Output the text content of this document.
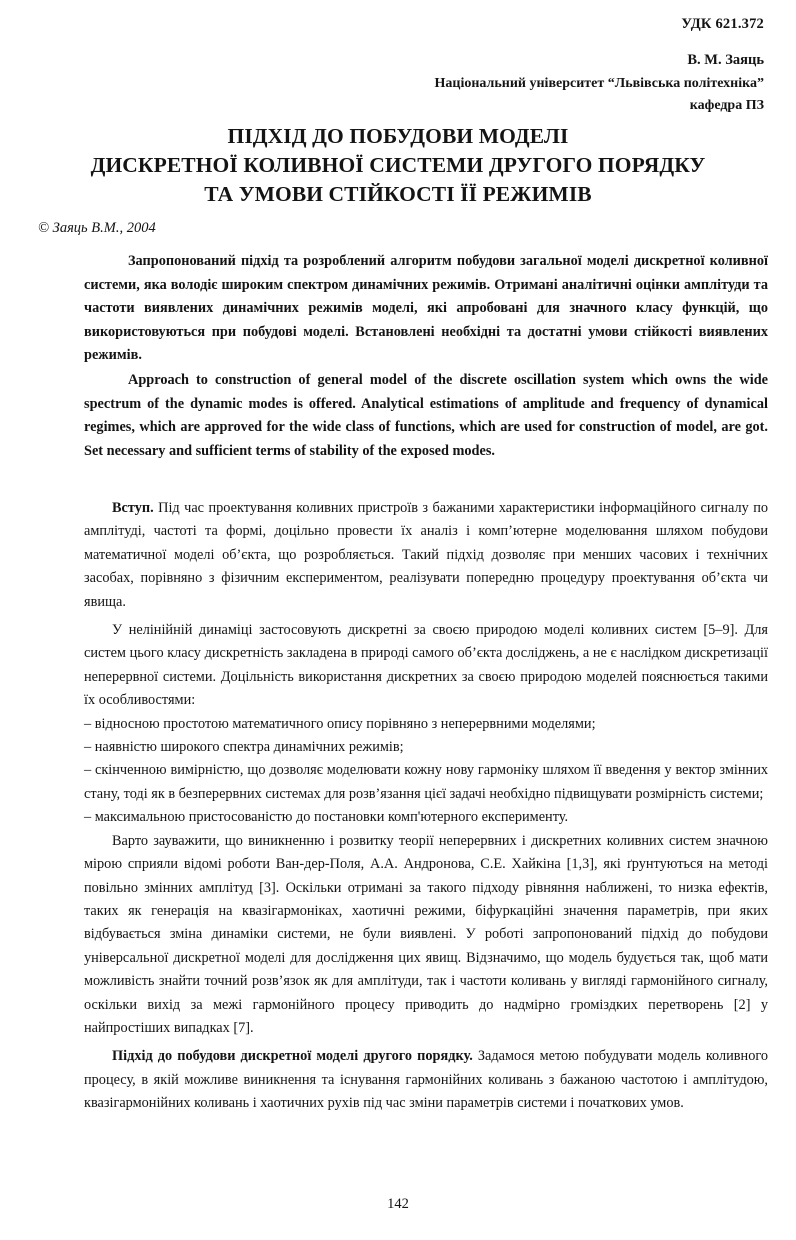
УДК 621.372
В. М. Заяць
Національний університет “Львівська політехніка”
кафедра ПЗ
ПІДХІД ДО ПОБУДОВИ МОДЕЛІ
ДИСКРЕТНОЇ КОЛИВНОЇ СИСТЕМИ ДРУГОГО ПОРЯДКУ
ТА УМОВИ СТІЙКОСТІ ЇЇ РЕЖИМІВ
© Заяць В.М., 2004

Запропонований підхід та розроблений алгоритм побудови загальної моделі дискретної коливної системи, яка володіє широким спектром динамічних режимів. Отримані аналітичні оцінки амплітуди та частоти виявлених динамічних режимів моделі, які апробовані для значного класу функцій, що використовуються при побудові моделі. Встановлені необхідні та достатні умови стійкості виявлених режимів.

Approach to construction of general model of the discrete oscillation system which owns the wide spectrum of the dynamic modes is offered. Analytical estimations of amplitude and frequency of dynamical regimes, which are approved for the wide class of functions, which are used for construction of model, are got. Set necessary and sufficient terms of stability of the exposed modes.

Вступ. Під час проектування коливних пристроїв з бажаними характеристики інформаційного сигналу по амплітуді, частоті та формі, доцільно провести їх аналіз і комп’ютерне моделювання шляхом побудови математичної моделі об’єкта, що розробляється. Такий підхід дозволяє при менших часових і технічних засобах, порівняно з фізичним експериментом, реалізувати попередню процедуру проектування об’єкта чи явища.

У нелінійній динаміці застосовують дискретні за своєю природою моделі коливних систем [5–9]. Для систем цього класу дискретність закладена в природі самого об’єкта досліджень, а не є наслідком дискретизації неперервної системи. Доцільність використання дискретних за своєю природою моделей пояснюється такими їх особливостями:

– відносною простотою математичного опису порівняно з неперервними моделями;

– наявністю широкого спектра динамічних режимів;

– скінченною вимірністю, що дозволяє моделювати кожну нову гармоніку шляхом її введення у вектор змінних стану, тоді як в безперервних системах для розв’язання цієї задачі необхідно підвищувати розмірність системи;

– максимальною пристосованістю до постановки комп'ютерного експерименту.

Варто зауважити, що виникненню і розвитку теорії неперервних і дискретних коливних систем значною мірою сприяли відомі роботи Ван-дер-Поля, А.А. Андронова, С.Е. Хайкіна [1,3], які ґрунтуються на методі повільно змінних амплітуд [3]. Оскільки отримані за такого підходу рівняння наближені, то низка ефектів, таких як генерація на квазігармоніках, хаотичні режими, біфуркаційні значення параметрів, при яких відбувається зміна динаміки системи, не були виявлені. У роботі запропонований підхід до побудови універсальної дискретної моделі для дослідження цих явищ. Відзначимо, що модель будується так, щоб мати можливість знайти точний розв’язок як для амплітуди, так і частоти коливань у вигляді гармонійного сигналу, оскільки вихід за межі гармонійного процесу приводить до надмірно громіздких перетворень [2] у найпростіших випадках [7].

Підхід до побудови дискретної моделі другого порядку. Задамося метою побудувати модель коливного процесу, в якій можливе виникнення та існування гармонійних коливань з бажаною частотою і амплітудою, квазігармонійних коливань і хаотичних рухів під час зміни параметрів системи і початкових умов.

142
